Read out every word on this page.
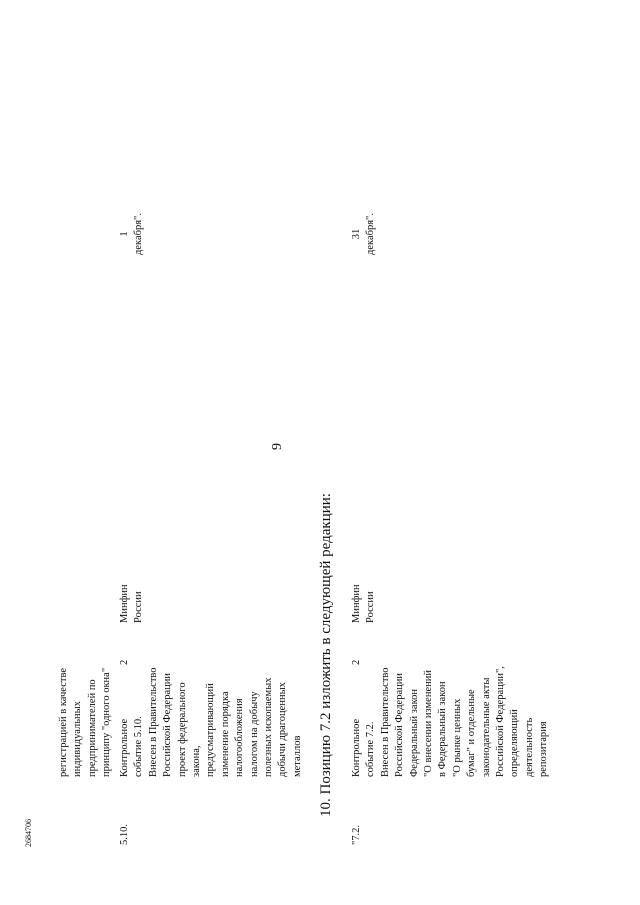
2684706
регистрацией в качестве индивидуальных предпринимателей по принципу "одного окна"
5.10.
Контрольное событие 5.10. Внесен в Правительство Российской Федерации проект федерального закона, предусматривающий изменение порядка налогообложения налогом на добычу полезных ископаемых добычи драгоценных металлов
2
Минфин России
1 декабря".
9
10. Позицию 7.2 изложить в следующей редакции:
"7.2.
Контрольное событие 7.2. Внесен в Правительство Российской Федерации Федеральный закон "О внесении изменений в Федеральный закон "О рынке ценных бумаг" и отдельные законодательные акты Российской Федерации", определяющий деятельность репозитария
2
Минфин России
31 декабря".
